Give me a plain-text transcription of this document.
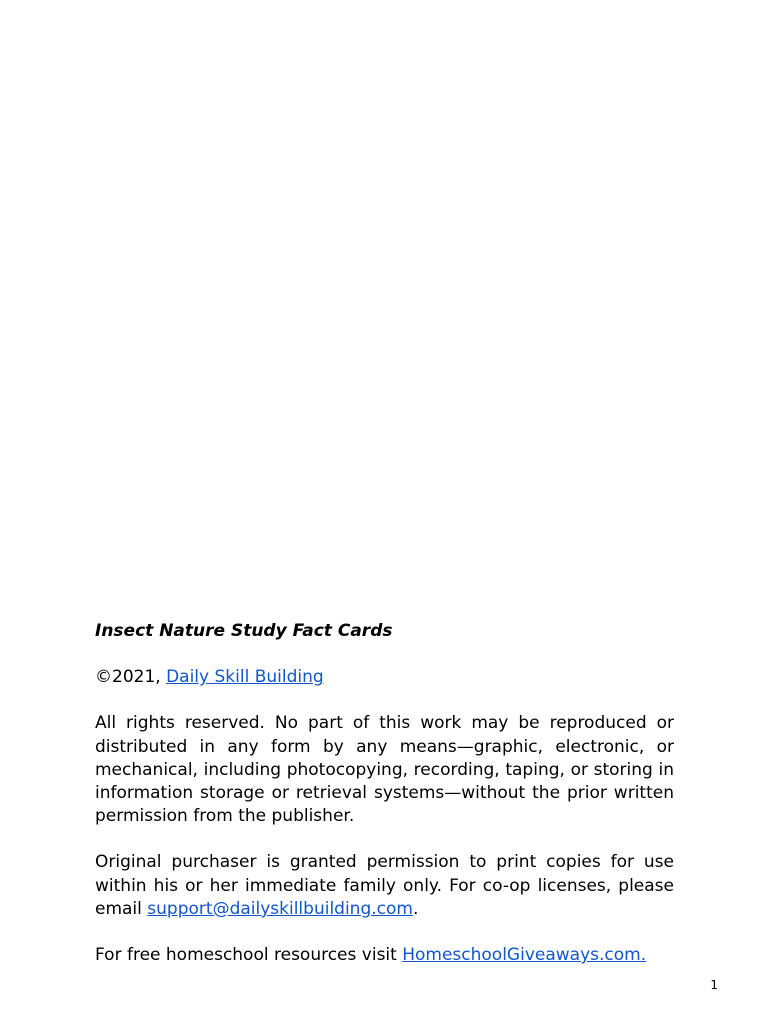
Insect Nature Study Fact Cards

©2021, Daily Skill Building

All rights reserved. No part of this work may be reproduced or distributed in any form by any means—graphic, electronic, or mechanical, including photocopying, recording, taping, or storing in information storage or retrieval systems—without the prior written permission from the publisher.

Original purchaser is granted permission to print copies for use within his or her immediate family only. For co-op licenses, please email support@dailyskillbuilding.com.

For free homeschool resources visit HomeschoolGiveaways.com.

1
